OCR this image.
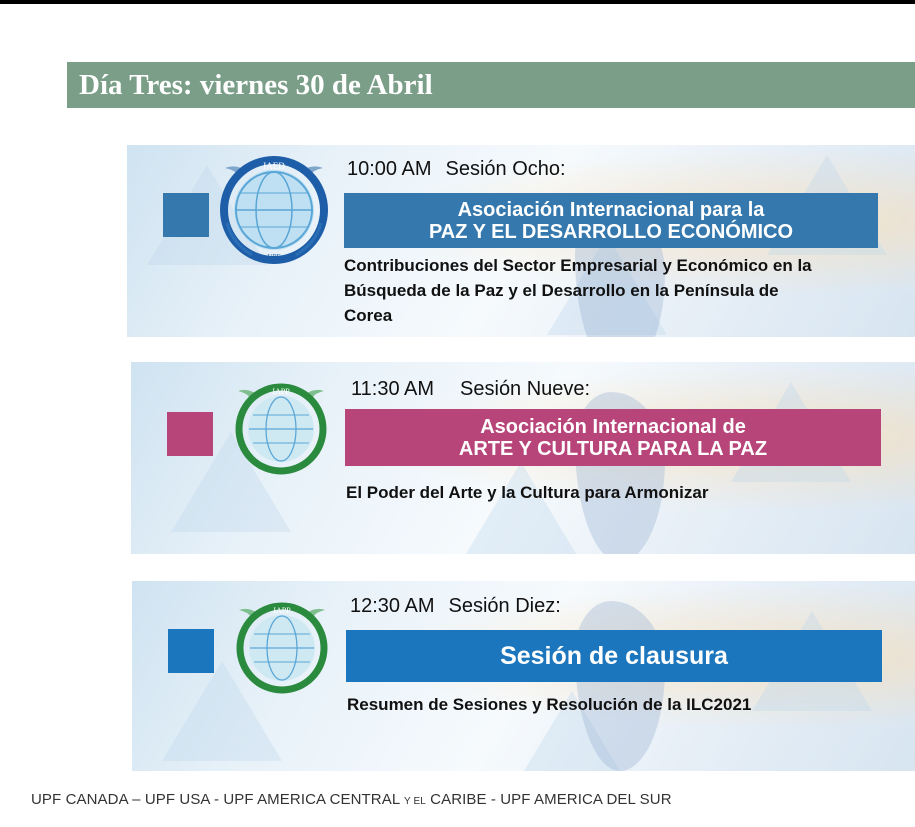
Día Tres: viernes 30 de Abril
IAED
UPF
10:00 AM Sesión Ocho:
Asociación Internacional para la
PAZ Y EL DESARROLLO ECONÓMICO
Contribuciones del Sector Empresarial y Económico en la Búsqueda de la Paz y el Desarrollo en la Península de Corea
IAPP
UPF
11:30 AM Sesión Nueve:
Asociación Internacional de
ARTE Y CULTURA PARA LA PAZ
El Poder del Arte y la Cultura para Armonizar
IAPP
UPF
12:30 AM Sesión Diez:
Sesión de clausura
Resumen de Sesiones y Resolución de la ILC2021
UPF CANADA – UPF USA - UPF AMERICA CENTRAL Y EL CARIBE - UPF AMERICA DEL SUR
